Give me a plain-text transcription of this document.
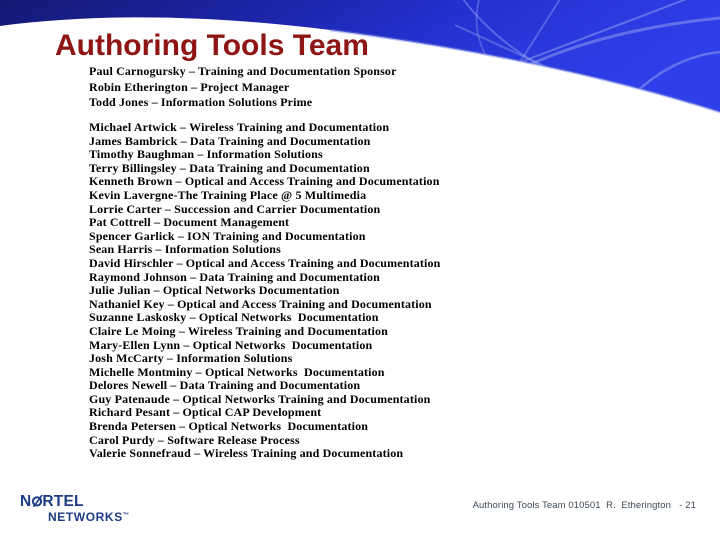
Authoring Tools Team
Paul Carnogursky – Training and Documentation Sponsor
Robin Etherington – Project Manager
Todd Jones – Information Solutions Prime
Michael Artwick – Wireless Training and Documentation
James Bambrick – Data Training and Documentation
Timothy Baughman – Information Solutions
Terry Billingsley – Data Training and Documentation
Kenneth Brown – Optical and Access Training and Documentation
Kevin Lavergne-The Training Place @ 5 Multimedia
Lorrie Carter – Succession and Carrier Documentation
Pat Cottrell – Document Management
Spencer Garlick – ION Training and Documentation
Sean Harris – Information Solutions
David Hirschler – Optical and Access Training and Documentation
Raymond Johnson – Data Training and Documentation
Julie Julian – Optical Networks Documentation
Nathaniel Key – Optical and Access Training and Documentation
Suzanne Laskosky – Optical Networks  Documentation
Claire Le Moing – Wireless Training and Documentation
Mary-Ellen Lynn – Optical Networks  Documentation
Josh McCarty – Information Solutions
Michelle Montminy – Optical Networks  Documentation
Delores Newell – Data Training and Documentation
Guy Patenaude – Optical Networks Training and Documentation
Richard Pesant – Optical CAP Development
Brenda Petersen – Optical Networks  Documentation
Carol Purdy – Software Release Process
Valerie Sonnefraud – Wireless Training and Documentation
N RTEL
NETWORKS™
Authoring Tools Team 010501  R.  Etherington   - 21
